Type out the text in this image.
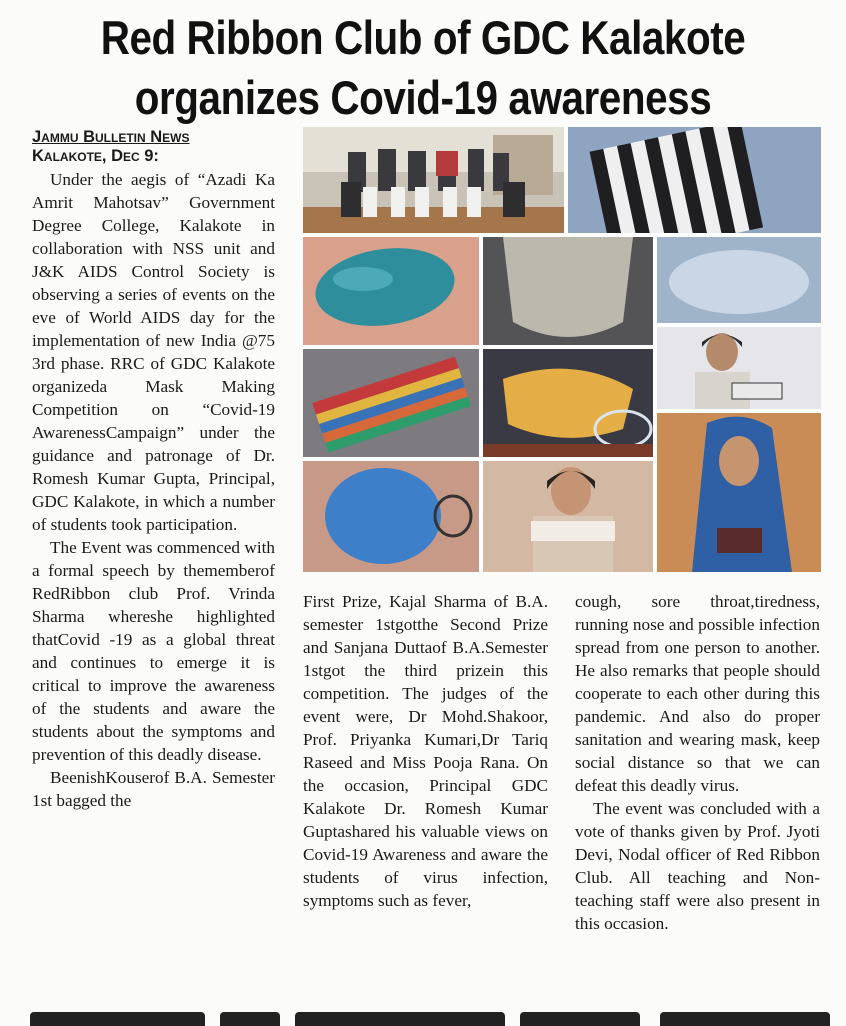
Red Ribbon Club of GDC Kalakote
organizes Covid-19 awareness

Jammu Bulletin News

Kalakote, Dec 9:

Under the aegis of “Azadi Ka Amrit Mahotsav” Government Degree College, Kalakote in collaboration with NSS unit and J&K AIDS Control Society is observing a series of events on the eve of World AIDS day for the implementation of new India @75 3rd phase. RRC of GDC Kalakote organizeda Mask Making Competition on “Covid-19 AwarenessCampaign” under the guidance and patronage of Dr. Romesh Kumar Gupta, Principal, GDC Kalakote, in which a number of students took participation.

The Event was commenced with a formal speech by thememberof RedRibbon club Prof. Vrinda Sharma whereshe highlighted thatCovid -19 as a global threat and continues to emerge it is critical to improve the awareness of the students and aware the students about the symptoms and prevention of this deadly disease.

BeenishKouserof B.A. Semester 1st bagged the

First Prize, Kajal Sharma of B.A. semester 1stgotthe Second Prize and Sanjana Duttaof B.A.Semester 1stgot the third prizein this competition. The judges of the event were, Dr Mohd.Shakoor, Prof. Priyanka Kumari,Dr Tariq Raseed and Miss Pooja Rana. On the occasion, Principal GDC Kalakote Dr. Romesh Kumar Guptashared his valuable views on Covid-19 Awareness and aware the students of virus infection, symptoms such as fever,

cough, sore throat,tiredness, running nose and possible infection spread from one person to another. He also remarks that people should cooperate to each other during this pandemic. And also do proper sanitation and wearing mask, keep social distance so that we can defeat this deadly virus.

The event was concluded with a vote of thanks given by Prof. Jyoti Devi, Nodal officer of Red Ribbon Club. All teaching and Non-teaching staff were also present in this occasion.
